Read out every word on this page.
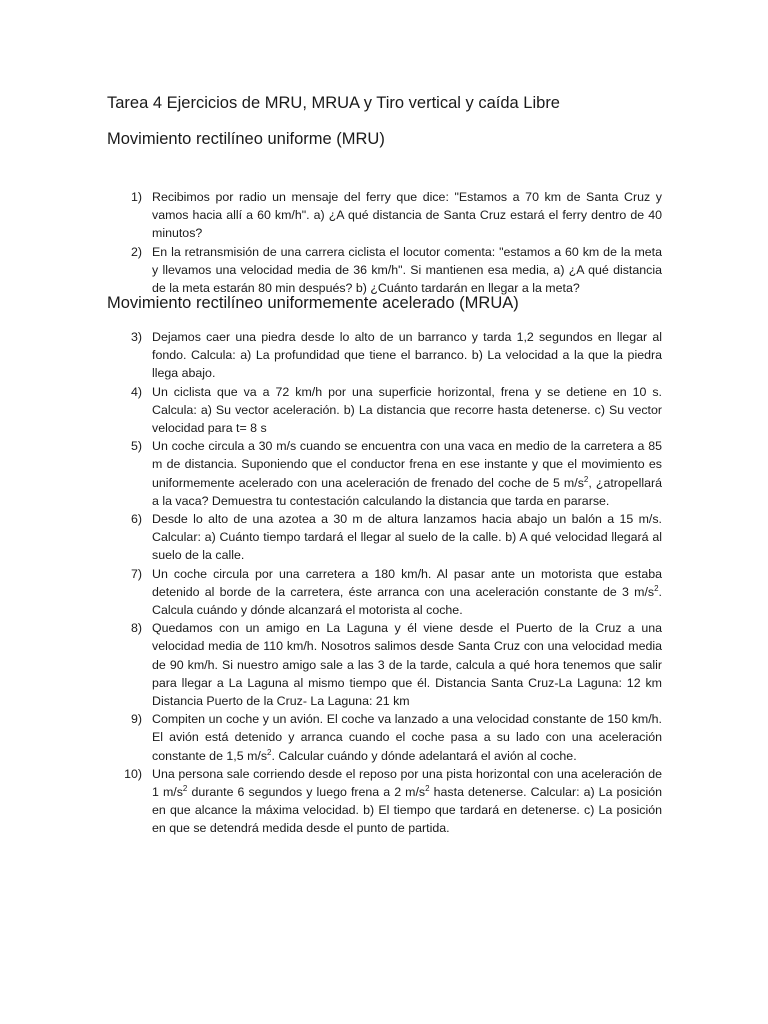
Tarea 4 Ejercicios de MRU, MRUA y Tiro vertical y caída Libre
Movimiento rectilíneo uniforme (MRU)
1) Recibimos por radio un mensaje del ferry que dice: "Estamos a 70 km de Santa Cruz y vamos hacia allí a 60 km/h". a) ¿A qué distancia de Santa Cruz estará el ferry dentro de 40 minutos?
2) En la retransmisión de una carrera ciclista el locutor comenta: "estamos a 60 km de la meta y llevamos una velocidad media de 36 km/h". Si mantienen esa media, a) ¿A qué distancia de la meta estarán 80 min después? b) ¿Cuánto tardarán en llegar a la meta?
Movimiento rectilíneo uniformemente acelerado (MRUA)
3) Dejamos caer una piedra desde lo alto de un barranco y tarda 1,2 segundos en llegar al fondo. Calcula: a) La profundidad que tiene el barranco. b) La velocidad a la que la piedra llega abajo.
4) Un ciclista que va a 72 km/h por una superficie horizontal, frena y se detiene en 10 s. Calcula: a) Su vector aceleración. b) La distancia que recorre hasta detenerse. c) Su vector velocidad para t= 8 s
5) Un coche circula a 30 m/s cuando se encuentra con una vaca en medio de la carretera a 85 m de distancia. Suponiendo que el conductor frena en ese instante y que el movimiento es uniformemente acelerado con una aceleración de frenado del coche de 5 $m/s^2$, ¿atropellará a la vaca? Demuestra tu contestación calculando la distancia que tarda en pararse.
6) Desde lo alto de una azotea a 30 m de altura lanzamos hacia abajo un balón a 15 m/s. Calcular: a) Cuánto tiempo tardará el llegar al suelo de la calle. b) A qué velocidad llegará al suelo de la calle.
7) Un coche circula por una carretera a 180 km/h. Al pasar ante un motorista que estaba detenido al borde de la carretera, éste arranca con una aceleración constante de 3 $m/s^2$. Calcula cuándo y dónde alcanzará el motorista al coche.
8) Quedamos con un amigo en La Laguna y él viene desde el Puerto de la Cruz a una velocidad media de 110 km/h. Nosotros salimos desde Santa Cruz con una velocidad media de 90 km/h. Si nuestro amigo sale a las 3 de la tarde, calcula a qué hora tenemos que salir para llegar a La Laguna al mismo tiempo que él. Distancia Santa Cruz-La Laguna: 12 km Distancia Puerto de la Cruz- La Laguna: 21 km
9) Compiten un coche y un avión. El coche va lanzado a una velocidad constante de 150 km/h. El avión está detenido y arranca cuando el coche pasa a su lado con una aceleración constante de 1,5 $m/s^2$. Calcular cuándo y dónde adelantará el avión al coche.
10) Una persona sale corriendo desde el reposo por una pista horizontal con una aceleración de 1 $m/s^2$ durante 6 segundos y luego frena a 2 $m/s^2$ hasta detenerse. Calcular: a) La posición en que alcance la máxima velocidad. b) El tiempo que tardará en detenerse. c) La posición en que se detendrá medida desde el punto de partida.
